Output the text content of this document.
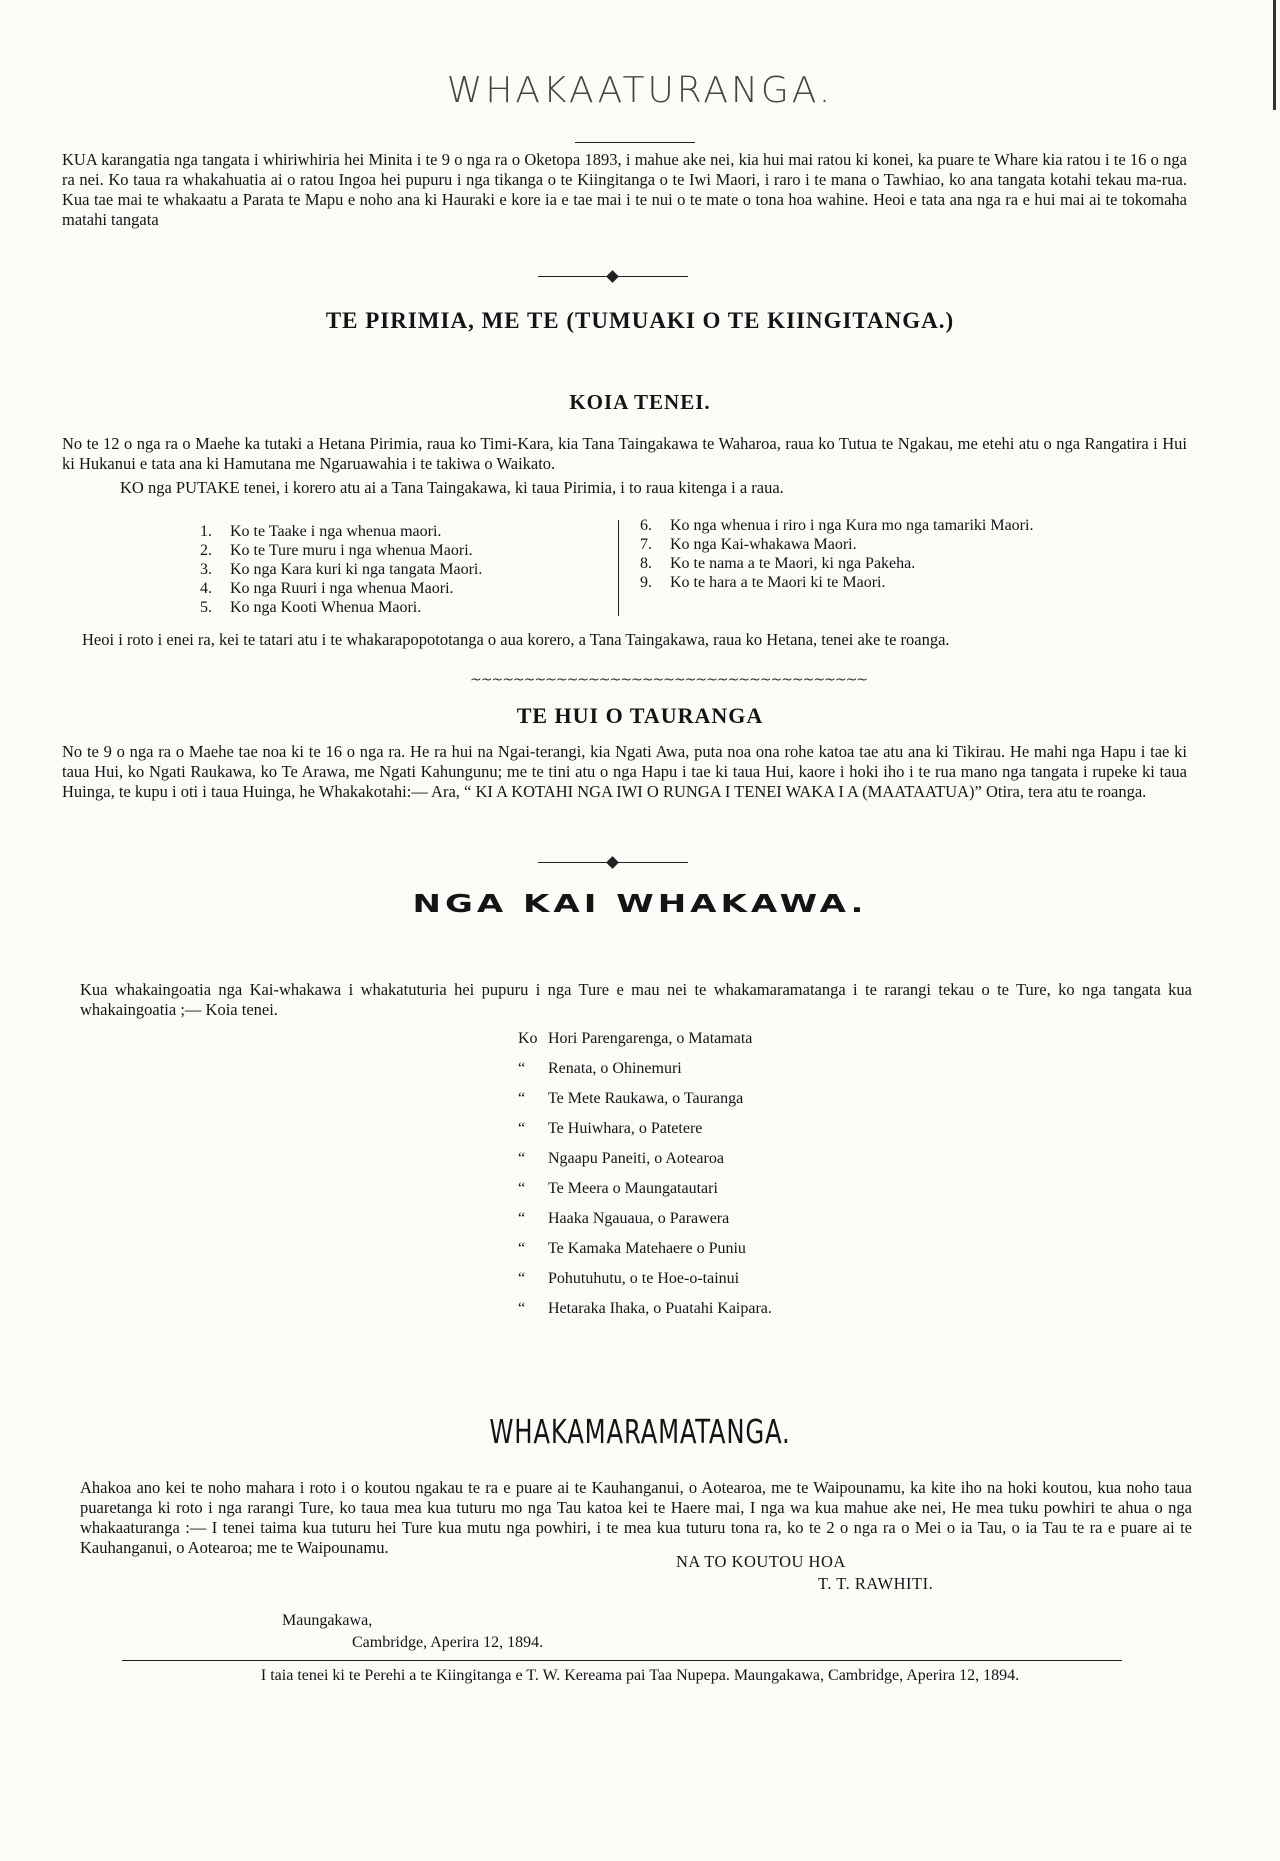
WHAKAATURANGA.

KUA karangatia nga tangata i whiriwhiria hei Minita i te 9 o nga ra o Oketopa 1893, i mahue ake nei, kia hui mai ratou ki konei, ka puare te Whare kia ratou i te 16 o nga ra nei. Ko taua ra whakahuatia ai o ratou Ingoa hei pupuru i nga tikanga o te Kiingitanga o te Iwi Maori, i raro i te mana o Tawhiao, ko ana tangata kotahi tekau ma-rua. Kua tae mai te whakaatu a Parata te Mapu e noho ana ki Hauraki e kore ia e tae mai i te nui o te mate o tona hoa wahine. Heoi e tata ana nga ra e hui mai ai te tokomaha matahi tangata

TE PIRIMIA, ME TE (TUMUAKI O TE KIINGITANGA.)
KOIA TENEI.

No te 12 o nga ra o Maehe ka tutaki a Hetana Pirimia, raua ko Timi-Kara, kia Tana Taingakawa te Waharoa, raua ko Tutua te Ngakau, me etehi atu o nga Rangatira i Hui ki Hukanui e tata ana ki Hamutana me Ngaruawahia i te takiwa o Waikato.

KO nga PUTAKE tenei, i korero atu ai a Tana Taingakawa, ki taua Pirimia, i to raua kitenga i a raua.

1. Ko te Taake i nga whenua maori.
2. Ko te Ture muru i nga whenua Maori.
3. Ko nga Kara kuri ki nga tangata Maori.
4. Ko nga Ruuri i nga whenua Maori.
5. Ko nga Kooti Whenua Maori.
6. Ko nga whenua i riro i nga Kura mo nga tamariki Maori.
7. Ko nga Kai-whakawa Maori.
8. Ko te nama a te Maori, ki nga Pakeha.
9. Ko te hara a te Maori ki te Maori.

Heoi i roto i enei ra, kei te tatari atu i te whakarapopototanga o aua korero, a Tana Taingakawa, raua ko Hetana, tenei ake te roanga.

~~~~~~~~~~~~~~~~~~~~~~~~~~~~~~~~~~~~~
TE HUI O TAURANGA

No te 9 o nga ra o Maehe tae noa ki te 16 o nga ra. He ra hui na Ngai-terangi, kia Ngati Awa, puta noa ona rohe katoa tae atu ana ki Tikirau. He mahi nga Hapu i tae ki taua Hui, ko Ngati Raukawa, ko Te Arawa, me Ngati Kahungunu; me te tini atu o nga Hapu i tae ki taua Hui, kaore i hoki iho i te rua mano nga tangata i rupeke ki taua Huinga, te kupu i oti i taua Huinga, he Whakakotahi:— Ara, “ KI A KOTAHI NGA IWI O RUNGA I TENEI WAKA I A (MAATAATUA)” Otira, tera atu te roanga.

NGA KAI WHAKAWA.

Kua whakaingoatia nga Kai-whakawa i whakatuturia hei pupuru i nga Ture e mau nei te whakamaramatanga i te rarangi tekau o te Ture, ko nga tangata kua whakaingoatia ;— Koia tenei.

Ko Hori Parengarenga, o Matamata
“ Renata, o Ohinemuri
“ Te Mete Raukawa, o Tauranga
“ Te Huiwhara, o Patetere
“ Ngaapu Paneiti, o Aotearoa
“ Te Meera o Maungatautari
“ Haaka Ngauaua, o Parawera
“ Te Kamaka Matehaere o Puniu
“ Pohutuhutu, o te Hoe-o-tainui
“ Hetaraka Ihaka, o Puatahi Kaipara.
WHAKAMARAMATANGA.

Ahakoa ano kei te noho mahara i roto i o koutou ngakau te ra e puare ai te Kauhanganui, o Aotearoa, me te Waipounamu, ka kite iho na hoki koutou, kua noho taua puaretanga ki roto i nga rarangi Ture, ko taua mea kua tuturu mo nga Tau katoa kei te Haere mai, I nga wa kua mahue ake nei, He mea tuku powhiri te ahua o nga whakaaturanga :— I tenei taima kua tuturu hei Ture kua mutu nga powhiri, i te mea kua tuturu tona ra, ko te 2 o nga ra o Mei o ia Tau, o ia Tau te ra e puare ai te Kauhanganui, o Aotearoa; me te Waipounamu.

NA TO KOUTOU HOA
T. T. RAWHITI.
Maungakawa,
Cambridge, Aperira 12, 1894.
I taia tenei ki te Perehi a te Kiingitanga e T. W. Kereama pai Taa Nupepa. Maungakawa, Cambridge, Aperira 12, 1894.
